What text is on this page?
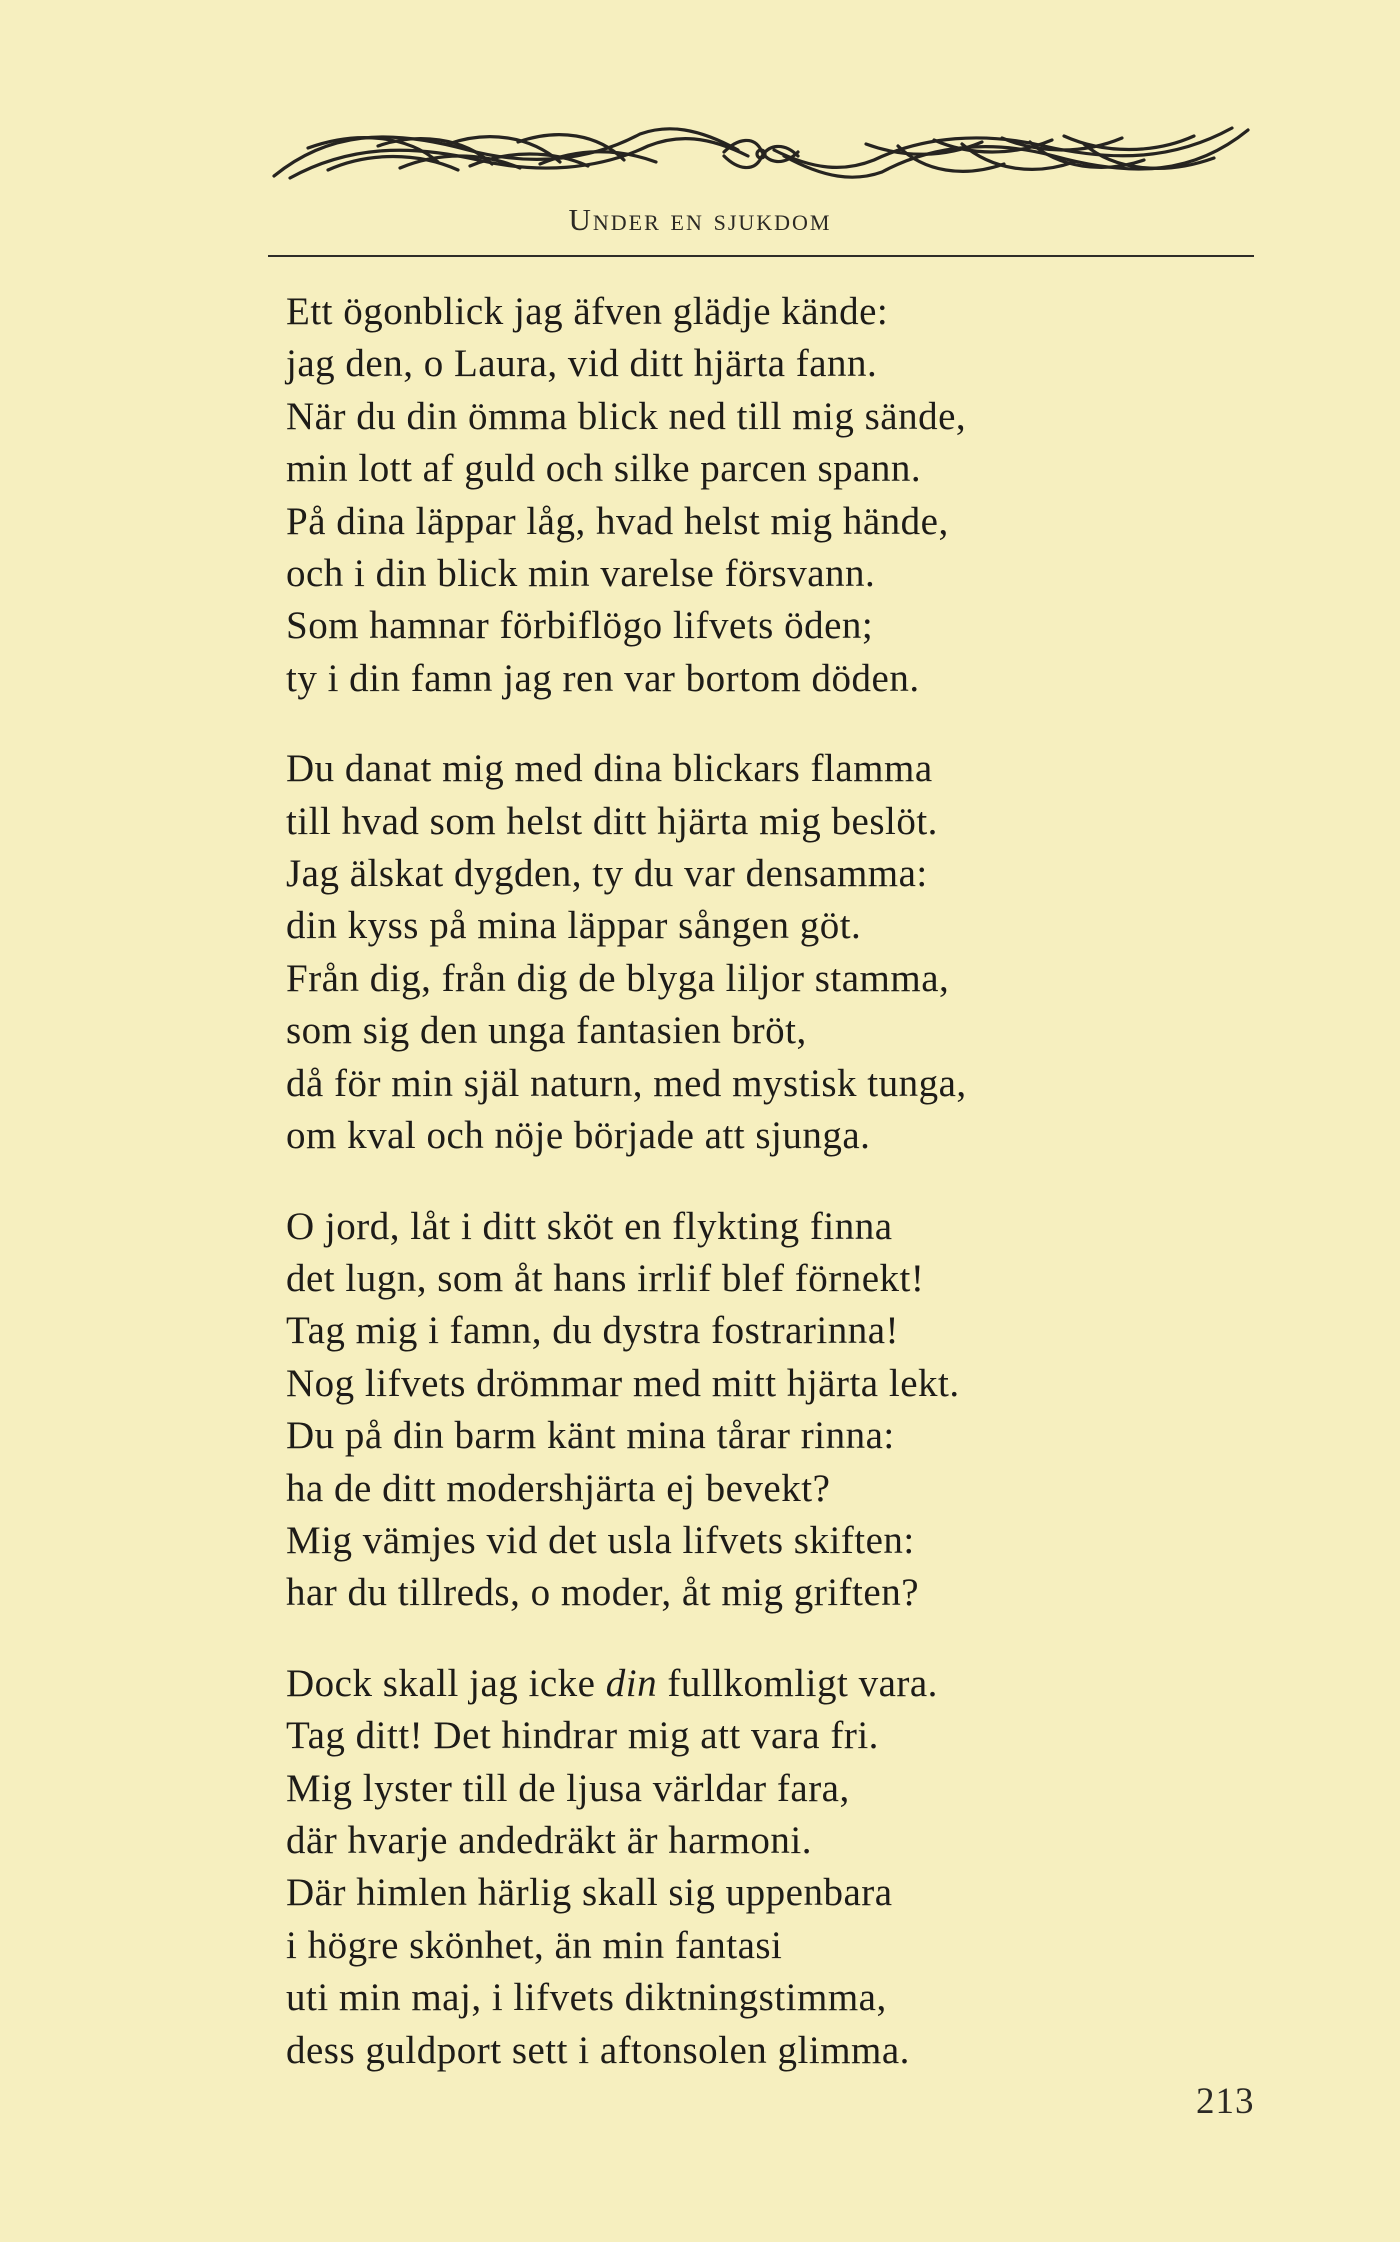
Under en sjukdom
Ett ögonblick jag äfven glädje kände:
jag den, o Laura, vid ditt hjärta fann.
När du din ömma blick ned till mig sände,
min lott af guld och silke parcen spann.
På dina läppar låg, hvad helst mig hände,
och i din blick min varelse försvann.
Som hamnar förbiflögo lifvets öden;
ty i din famn jag ren var bortom döden.
Du danat mig med dina blickars flamma
till hvad som helst ditt hjärta mig beslöt.
Jag älskat dygden, ty du var densamma:
din kyss på mina läppar sången göt.
Från dig, från dig de blyga liljor stamma,
som sig den unga fantasien bröt,
då för min själ naturn, med mystisk tunga,
om kval och nöje började att sjunga.
O jord, låt i ditt sköt en flykting finna
det lugn, som åt hans irrlif blef förnekt!
Tag mig i famn, du dystra fostrarinna!
Nog lifvets drömmar med mitt hjärta lekt.
Du på din barm känt mina tårar rinna:
ha de ditt modershjärta ej bevekt?
Mig vämjes vid det usla lifvets skiften:
har du tillreds, o moder, åt mig griften?
Dock skall jag icke din fullkomligt vara.
Tag ditt! Det hindrar mig att vara fri.
Mig lyster till de ljusa världar fara,
där hvarje andedräkt är harmoni.
Där himlen härlig skall sig uppenbara
i högre skönhet, än min fantasi
uti min maj, i lifvets diktningstimma,
dess guldport sett i aftonsolen glimma.
213
